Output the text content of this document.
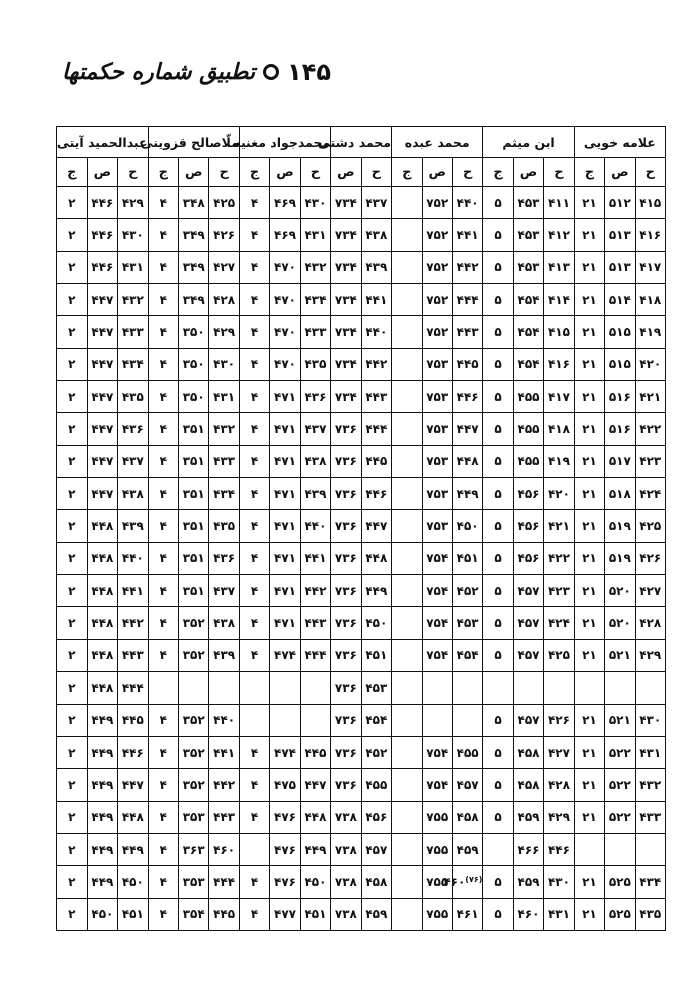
۱۴۵
تطبیق شماره حکمتها
علامه خویی			ابن میثم			محمد عبده			محمد دشتی		محمدجواد مغنیه			ملّاصالح قزوینی			عبدالحمید آیتی		
ح	ص	ج	ح	ص	ج	ح	ص	ج	ح	ص	ح	ص	ج	ح	ص	ج	ح	ص	ج
۴۱۵	۵۱۲	۲۱	۴۱۱	۴۵۳	۵	۴۴۰	۷۵۲		۴۳۷	۷۳۴	۴۳۰	۴۶۹	۴	۴۲۵	۳۴۸	۴	۴۲۹	۴۴۶	۲
۴۱۶	۵۱۳	۲۱	۴۱۲	۴۵۳	۵	۴۴۱	۷۵۲		۴۳۸	۷۳۴	۴۳۱	۴۶۹	۴	۴۲۶	۳۴۹	۴	۴۳۰	۴۴۶	۲
۴۱۷	۵۱۳	۲۱	۴۱۳	۴۵۳	۵	۴۴۲	۷۵۲		۴۳۹	۷۳۴	۴۳۲	۴۷۰	۴	۴۲۷	۳۴۹	۴	۴۳۱	۴۴۶	۲
۴۱۸	۵۱۴	۲۱	۴۱۴	۴۵۴	۵	۴۴۴	۷۵۲		۴۴۱	۷۳۴	۴۳۴	۴۷۰	۴	۴۲۸	۳۴۹	۴	۴۳۲	۴۴۷	۲
۴۱۹	۵۱۵	۲۱	۴۱۵	۴۵۴	۵	۴۴۳	۷۵۲		۴۴۰	۷۳۴	۴۳۳	۴۷۰	۴	۴۲۹	۳۵۰	۴	۴۳۳	۴۴۷	۲
۴۲۰	۵۱۵	۲۱	۴۱۶	۴۵۴	۵	۴۴۵	۷۵۳		۴۴۲	۷۳۴	۴۳۵	۴۷۰	۴	۴۳۰	۳۵۰	۴	۴۳۴	۴۴۷	۲
۴۲۱	۵۱۶	۲۱	۴۱۷	۴۵۵	۵	۴۴۶	۷۵۳		۴۴۳	۷۳۴	۴۳۶	۴۷۱	۴	۴۳۱	۳۵۰	۴	۴۳۵	۴۴۷	۲
۴۲۲	۵۱۶	۲۱	۴۱۸	۴۵۵	۵	۴۴۷	۷۵۳		۴۴۴	۷۳۶	۴۳۷	۴۷۱	۴	۴۳۲	۳۵۱	۴	۴۳۶	۴۴۷	۲
۴۲۳	۵۱۷	۲۱	۴۱۹	۴۵۵	۵	۴۴۸	۷۵۳		۴۴۵	۷۳۶	۴۳۸	۴۷۱	۴	۴۳۳	۳۵۱	۴	۴۳۷	۴۴۷	۲
۴۲۴	۵۱۸	۲۱	۴۲۰	۴۵۶	۵	۴۴۹	۷۵۳		۴۴۶	۷۳۶	۴۳۹	۴۷۱	۴	۴۳۴	۳۵۱	۴	۴۳۸	۴۴۷	۲
۴۲۵	۵۱۹	۲۱	۴۲۱	۴۵۶	۵	۴۵۰	۷۵۳		۴۴۷	۷۳۶	۴۴۰	۴۷۱	۴	۴۳۵	۳۵۱	۴	۴۳۹	۴۴۸	۲
۴۲۶	۵۱۹	۲۱	۴۲۲	۴۵۶	۵	۴۵۱	۷۵۴		۴۴۸	۷۳۶	۴۴۱	۴۷۱	۴	۴۳۶	۳۵۱	۴	۴۴۰	۴۴۸	۲
۴۲۷	۵۲۰	۲۱	۴۲۳	۴۵۷	۵	۴۵۲	۷۵۴		۴۴۹	۷۳۶	۴۴۲	۴۷۱	۴	۴۳۷	۳۵۱	۴	۴۴۱	۴۴۸	۲
۴۲۸	۵۲۰	۲۱	۴۲۴	۴۵۷	۵	۴۵۳	۷۵۴		۴۵۰	۷۳۶	۴۴۳	۴۷۱	۴	۴۳۸	۳۵۲	۴	۴۴۲	۴۴۸	۲
۴۲۹	۵۲۱	۲۱	۴۲۵	۴۵۷	۵	۴۵۴	۷۵۴		۴۵۱	۷۳۶	۴۴۴	۴۷۴	۴	۴۳۹	۳۵۲	۴	۴۴۳	۴۴۸	۲
									۴۵۳	۷۳۶							۴۴۴	۴۴۸	۲
۴۳۰	۵۲۱	۲۱	۴۲۶	۴۵۷	۵				۴۵۴	۷۳۶				۴۴۰	۳۵۲	۴	۴۴۵	۴۴۹	۲
۴۳۱	۵۲۲	۲۱	۴۲۷	۴۵۸	۵	۴۵۵	۷۵۴		۴۵۲	۷۳۶	۴۴۵	۴۷۴	۴	۴۴۱	۳۵۲	۴	۴۴۶	۴۴۹	۲
۴۳۲	۵۲۲	۲۱	۴۲۸	۴۵۸	۵	۴۵۷	۷۵۴		۴۵۵	۷۳۶	۴۴۷	۴۷۵	۴	۴۴۲	۳۵۲	۴	۴۴۷	۴۴۹	۲
۴۳۳	۵۲۲	۲۱	۴۲۹	۴۵۹	۵	۴۵۸	۷۵۵		۴۵۶	۷۳۸	۴۴۸	۴۷۶	۴	۴۴۳	۳۵۳	۴	۴۴۸	۴۴۹	۲
			۴۴۶	۴۶۶		۴۵۹	۷۵۵		۴۵۷	۷۳۸	۴۴۹	۴۷۶		۴۶۰	۳۶۳	۴	۴۴۹	۴۴۹	۲
۴۳۴	۵۲۵	۲۱	۴۳۰	۴۵۹	۵	$^{(۷۶)}$۴۶۰	۷۵۵		۴۵۸	۷۳۸	۴۵۰	۴۷۶	۴	۴۴۴	۳۵۳	۴	۴۵۰	۴۴۹	۲
۴۳۵	۵۲۵	۲۱	۴۳۱	۴۶۰	۵	۴۶۱	۷۵۵		۴۵۹	۷۳۸	۴۵۱	۴۷۷	۴	۴۴۵	۳۵۴	۴	۴۵۱	۴۵۰	۲
